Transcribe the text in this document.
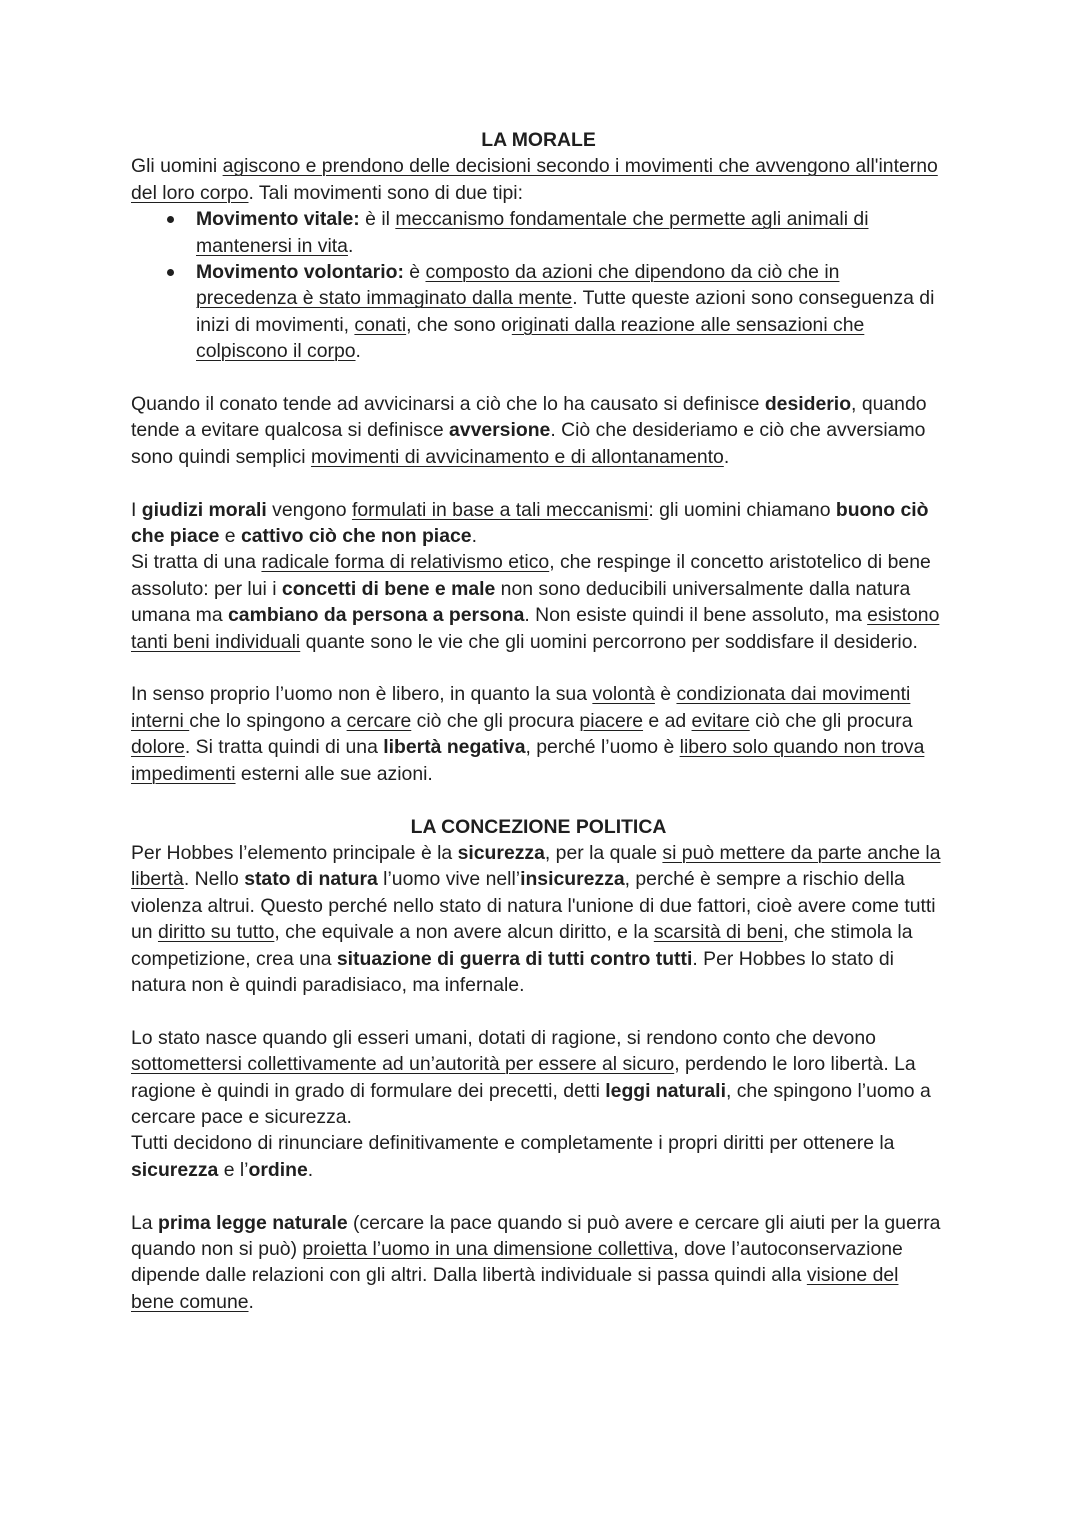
LA MORALE

Gli uomini agiscono e prendono delle decisioni secondo i movimenti che avvengono all'interno del loro corpo. Tali movimenti sono di due tipi:

Movimento vitale: è il meccanismo fondamentale che permette agli animali di mantenersi in vita.
Movimento volontario: è composto da azioni che dipendono da ciò che in precedenza è stato immaginato dalla mente. Tutte queste azioni sono conseguenza di inizi di movimenti, conati, che sono originati dalla reazione alle sensazioni che colpiscono il corpo.

Quando il conato tende ad avvicinarsi a ciò che lo ha causato si definisce desiderio, quando tende a evitare qualcosa si definisce avversione. Ciò che desideriamo e ciò che avversiamo sono quindi semplici movimenti di avvicinamento e di allontanamento.

I giudizi morali vengono formulati in base a tali meccanismi: gli uomini chiamano buono ciò che piace e cattivo ciò che non piace.

Si tratta di una radicale forma di relativismo etico, che respinge il concetto aristotelico di bene assoluto: per lui i concetti di bene e male non sono deducibili universalmente dalla natura umana ma cambiano da persona a persona. Non esiste quindi il bene assoluto, ma esistono tanti beni individuali quante sono le vie che gli uomini percorrono per soddisfare il desiderio.

In senso proprio l’uomo non è libero, in quanto la sua volontà è condizionata dai movimenti interni che lo spingono a cercare ciò che gli procura piacere e ad evitare ciò che gli procura dolore. Si tratta quindi di una libertà negativa, perché l’uomo è libero solo quando non trova impedimenti esterni alle sue azioni.

LA CONCEZIONE POLITICA

Per Hobbes l’elemento principale è la sicurezza, per la quale si può mettere da parte anche la libertà. Nello stato di natura l’uomo vive nell’insicurezza, perché è sempre a rischio della violenza altrui. Questo perché nello stato di natura l'unione di due fattori, cioè avere come tutti un diritto su tutto, che equivale a non avere alcun diritto, e la scarsità di beni, che stimola la competizione, crea una situazione di guerra di tutti contro tutti. Per Hobbes lo stato di natura non è quindi paradisiaco, ma infernale.

Lo stato nasce quando gli esseri umani, dotati di ragione, si rendono conto che devono sottomettersi collettivamente ad un’autorità per essere al sicuro, perdendo le loro libertà. La ragione è quindi in grado di formulare dei precetti, detti leggi naturali, che spingono l’uomo a cercare pace e sicurezza.

Tutti decidono di rinunciare definitivamente e completamente i propri diritti per ottenere la sicurezza e l’ordine.

La prima legge naturale (cercare la pace quando si può avere e cercare gli aiuti per la guerra quando non si può) proietta l’uomo in una dimensione collettiva, dove l’autoconservazione dipende dalle relazioni con gli altri. Dalla libertà individuale si passa quindi alla visione del bene comune.
